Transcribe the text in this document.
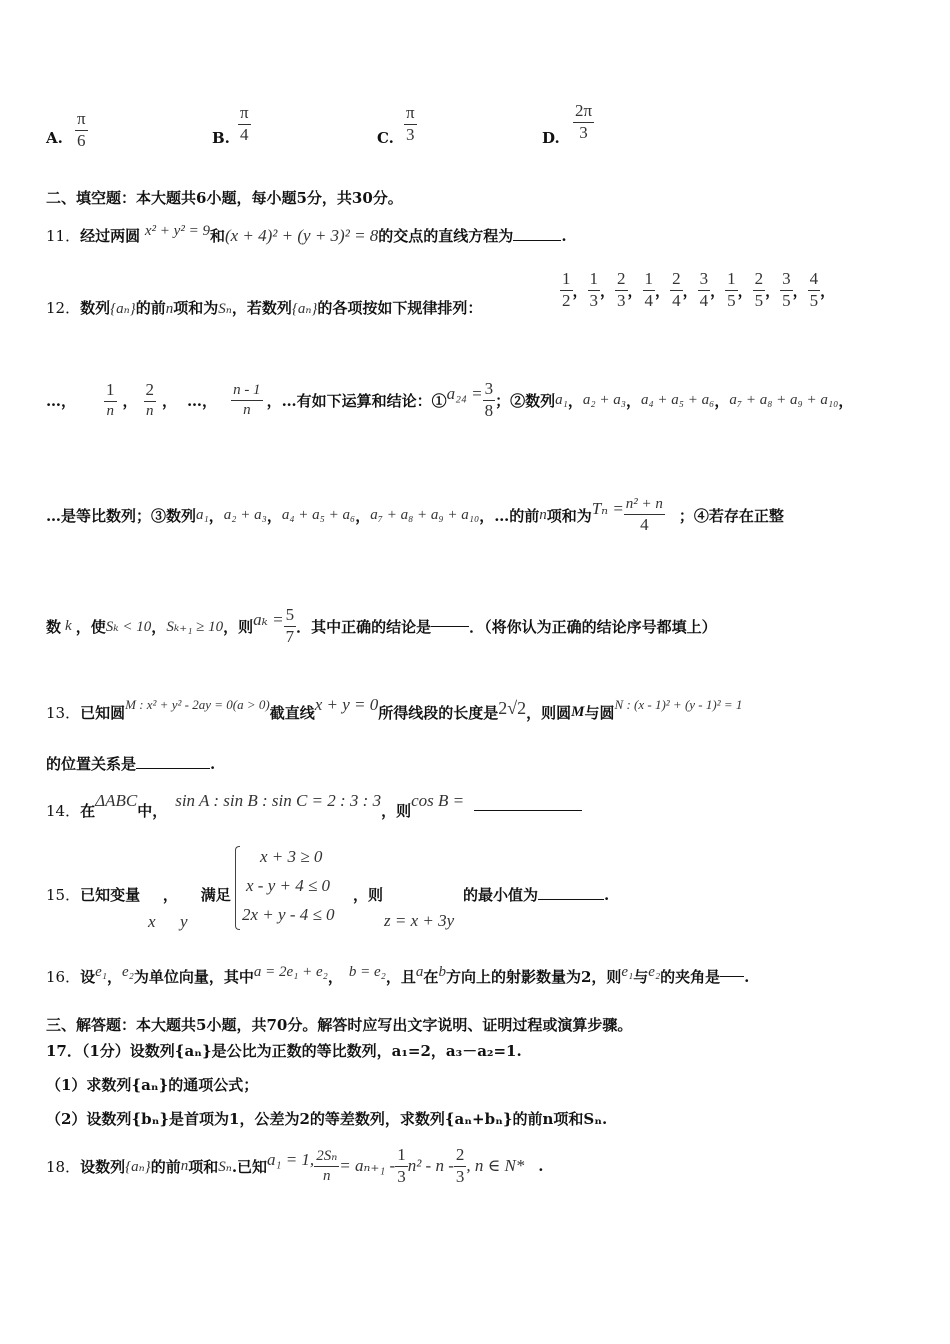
A. $\frac{\pi}{6}$	B. $\frac{\pi}{4}$	C. $\frac{\pi}{3}$	D. $\frac{2\pi}{3}$
二、填空题：本大题共6小题，每小题5分，共30分。
11．经过两圆 x² + y² = 9和(x + 4)² + (y + 3)² = 8的交点的直线方程为	.
12．数列{aₙ}的前n项和为Sₙ，若数列{aₙ}的各项按如下规律排列：	$\frac{1}{2}$ ， $\frac{1}{3}$ ， $\frac{2}{3}$ ， $\frac{1}{4}$ ， $\frac{2}{4}$ ， $\frac{3}{4}$ ， $\frac{1}{5}$ ， $\frac{2}{5}$ ， $\frac{3}{5}$ ， $\frac{4}{5}$ ，
…， $\frac{1}{n}$ ， $\frac{2}{n}$ ， …， $\frac{n - 1}{n}$ ，…有如下运算和结论：① $a_{24} = \frac{3}{8}$ ；②数列 a₁ ， a₂ + a₃ ， a₄ + a₅ + a₆ ， a₇ + a₈ + a₉ + a₁₀ ，
…是等比数列；③数列 a₁ ， a₂ + a₃ ， a₄ + a₅ + a₆ ， a₇ + a₈ + a₉ + a₁₀ ，…的前 n 项和为 $T_n = \frac{\text{n² + n}}{4}$ ；④若存在正整
数 k ，使 Sₖ < 10 ， Sₖ₊₁ ≥ 10 ，则 $a_k = \frac{5}{7}$ ．其中正确的结论是	．（将你认为正确的结论序号都填上）
13． 已知圆 M : x² + y² - 2ay = 0(a > 0) 截直线 x + y = 0 所得线段的长度是 2√2 ，则圆 M 与圆 N : (x - 1)² + (y - 1)² = 1
的位置关系是	.
14． 在
ΔABC
中，
sin A : sin B : sin C = 2 : 3 : 3
，则
cos B =
15．已知变量 ， 满足
x y
x + 3 ≥ 0
x - y + 4 ≤ 0
2x + y - 4 ≤ 0
，则
z = x + 3y
的最小值为	.
16． 设 e₁ ， e₂ 为单位向量，其中 a = 2e₁ + e₂ ， b = e₂ ，且 a 在 b 方向上的射影数量为2，则 e₁ 与 e₂ 的夹角是 .
三、解答题：本大题共5小题，共70分。解答时应写出文字说明、证明过程或演算步骤。
17．（1分）设数列{aₙ}是公比为正数的等比数列，a₁=2，a₃－a₂=1.
（1）求数列{aₙ}的通项公式；
（2）设数列{bₙ}是首项为1，公差为2的等差数列，求数列{aₙ+bₙ}的前n项和Sₙ.
18． 设数列 {aₙ} 的前 n 项和 Sₙ .已知 a₁ = 1, $\frac{\text{2Sₙ}}{n} = a_{n+1} - \frac{1}{3} n^2 - n - \frac{2}{3}$ , n ∈ N* .
